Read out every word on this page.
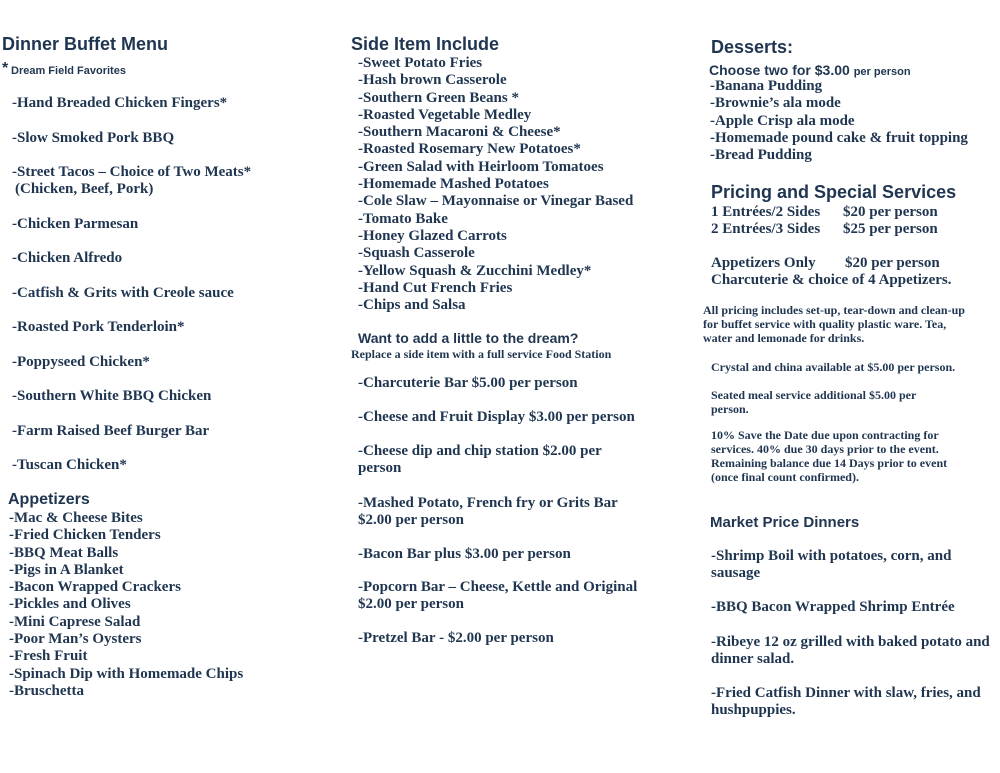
Dinner Buffet Menu
* Dream Field Favorites
-Hand Breaded Chicken Fingers*
-Slow Smoked Pork BBQ
-Street Tacos – Choice of Two Meats*
(Chicken, Beef, Pork)
-Chicken Parmesan
-Chicken Alfredo
-Catfish & Grits with Creole sauce
-Roasted Pork Tenderloin*
-Poppyseed Chicken*
-Southern White BBQ Chicken
-Farm Raised Beef Burger Bar
-Tuscan Chicken*
Appetizers
-Mac & Cheese Bites
-Fried Chicken Tenders
-BBQ Meat Balls
-Pigs in A Blanket
-Bacon Wrapped Crackers
-Pickles and Olives
-Mini Caprese Salad
-Poor Man’s Oysters
-Fresh Fruit
-Spinach Dip with Homemade Chips
-Bruschetta
Side Item Include
-Sweet Potato Fries
-Hash brown Casserole
-Southern Green Beans *
-Roasted Vegetable Medley
-Southern Macaroni & Cheese*
-Roasted Rosemary New Potatoes*
-Green Salad with Heirloom Tomatoes
-Homemade Mashed Potatoes
-Cole Slaw – Mayonnaise or Vinegar Based
-Tomato Bake
-Honey Glazed Carrots
-Squash Casserole
-Yellow Squash & Zucchini Medley*
-Hand Cut French Fries
-Chips and Salsa
Want to add a little to the dream?
Replace a side item with a full service Food Station
-Charcuterie Bar $5.00 per person
-Cheese and Fruit Display $3.00 per person
-Cheese dip and chip station $2.00 per
person
-Mashed Potato, French fry or Grits Bar
$2.00 per person
-Bacon Bar plus $3.00 per person
-Popcorn Bar – Cheese, Kettle and Original
$2.00 per person
-Pretzel Bar - $2.00 per person
Desserts:
Choose two for $3.00 per person
-Banana Pudding
-Brownie’s ala mode
-Apple Crisp ala mode
-Homemade pound cake & fruit topping
-Bread Pudding
Pricing and Special Services
1 Entrées/2 Sides $20 per person
2 Entrées/3 Sides $25 per person
Appetizers Only $20 per person
Charcuterie & choice of 4 Appetizers.
All pricing includes set-up, tear-down and clean-up
for buffet service with quality plastic ware. Tea,
water and lemonade for drinks.
Crystal and china available at $5.00 per person.
Seated meal service additional $5.00 per
person.
10% Save the Date due upon contracting for
services. 40% due 30 days prior to the event.
Remaining balance due 14 Days prior to event
(once final count confirmed).
Market Price Dinners
-Shrimp Boil with potatoes, corn, and
sausage
-BBQ Bacon Wrapped Shrimp Entrée
-Ribeye 12 oz grilled with baked potato and
dinner salad.
-Fried Catfish Dinner with slaw, fries, and
hushpuppies.
